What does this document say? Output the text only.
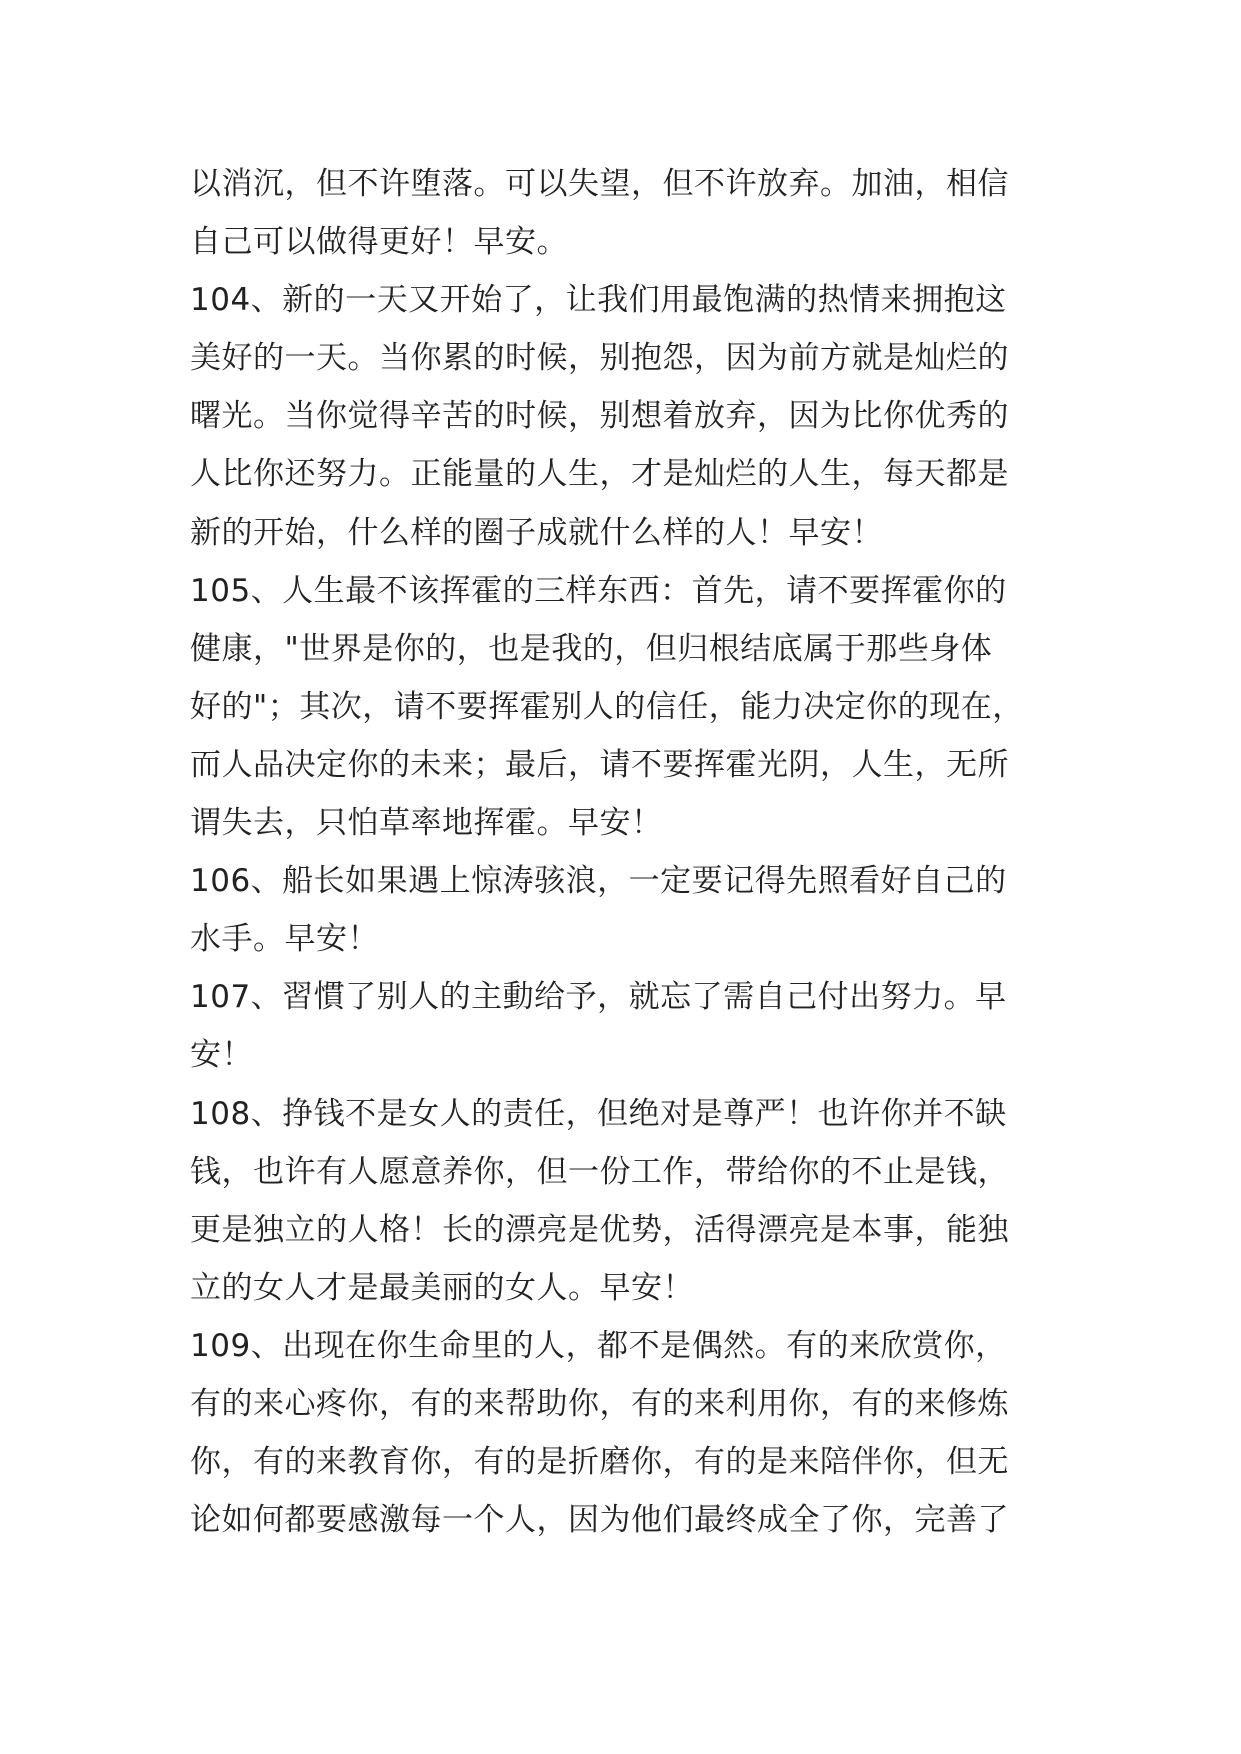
以消沉，但不许堕落。可以失望，但不许放弃。加油，相信
自己可以做得更好！早安。
104、新的一天又开始了，让我们用最饱满的热情来拥抱这
美好的一天。当你累的时候，别抱怨，因为前方就是灿烂的
曙光。当你觉得辛苦的时候，别想着放弃，因为比你优秀的
人比你还努力。正能量的人生，才是灿烂的人生，每天都是
新的开始，什么样的圈子成就什么样的人！早安！
105、人生最不该挥霍的三样东西：首先，请不要挥霍你的
健康，"世界是你的，也是我的，但归根结底属于那些身体
好的"；其次，请不要挥霍别人的信任，能力决定你的现在，
而人品决定你的未来；最后，请不要挥霍光阴，人生，无所
谓失去，只怕草率地挥霍。早安！
106、船长如果遇上惊涛骇浪，一定要记得先照看好自己的
水手。早安！
107、習慣了别人的主動给予，就忘了需自己付出努力。早
安！
108、挣钱不是女人的责任，但绝对是尊严！也许你并不缺
钱，也许有人愿意养你，但一份工作，带给你的不止是钱，
更是独立的人格！长的漂亮是优势，活得漂亮是本事，能独
立的女人才是最美丽的女人。早安！
109、出现在你生命里的人，都不是偶然。有的来欣赏你，
有的来心疼你，有的来帮助你，有的来利用你，有的来修炼
你，有的来教育你，有的是折磨你，有的是来陪伴你，但无
论如何都要感激每一个人，因为他们最终成全了你，完善了
